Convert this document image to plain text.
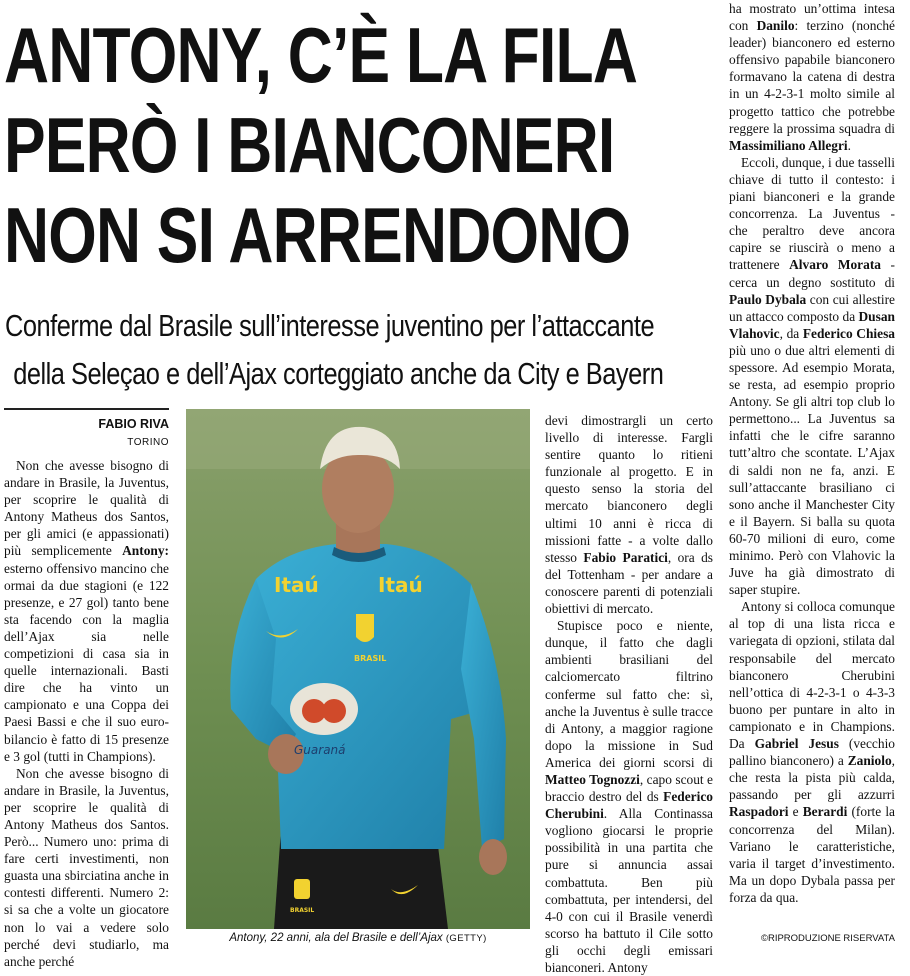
ANTONY, C’È LA FILA
PERÒ I BIANCONERI
NON SI ARRENDONO
Conferme dal Brasile sull’interesse juventino per l’attaccante
della Seleçao e dell’Ajax corteggiato anche da City e Bayern
FABIO RIVA
TORINO

Non che avesse bisogno di andare in Brasile, la Juventus, per scoprire le qualità di Antony Matheus dos Santos, per gli amici (e appassionati) più semplicemente Antony: esterno offensivo mancino che ormai da due stagioni (e 122 presenze, e 27 gol) tanto bene sta facendo con la maglia dell’Ajax sia nelle competizioni di casa sia in quelle internazionali. Basti dire che ha vinto un campionato e una Coppa dei Paesi Bassi e che il suo euro-bilancio è fatto di 15 presenze e 3 gol (tutti in Champions).

Non che avesse bisogno di andare in Brasile, la Juventus, per scoprire le qualità di Antony Matheus dos Santos. Però... Numero uno: prima di fare certi investimenti, non guasta una sbirciatina anche in contesti differenti. Numero 2: si sa che a volte un giocatore non lo vai a vedere solo perché devi studiarlo, ma anche perché

Itaú	Itaú
BRASIL
Guaraná
BRASIL
Antony, 22 anni, ala del Brasile e dell’Ajax (GETTY)

devi dimostrargli un certo livello di interesse. Fargli sentire quanto lo ritieni funzionale al progetto. E in questo senso la storia del mercato bianconero degli ultimi 10 anni è ricca di missioni fatte - a volte dallo stesso Fabio Paratici, ora ds del Tottenham - per andare a conoscere parenti di potenziali obiettivi di mercato.

Stupisce poco e niente, dunque, il fatto che dagli ambienti brasiliani del calciomercato filtrino conferme sul fatto che: sì, anche la Juventus è sulle tracce di Antony, a maggior ragione dopo la missione in Sud America dei giorni scorsi di Matteo Tognozzi, capo scout e braccio destro del ds Federico Cherubini. Alla Continassa vogliono giocarsi le proprie possibilità in una partita che pure si annuncia assai combattuta. Ben più combattuta, per intendersi, del 4-0 con cui il Brasile venerdì scorso ha battuto il Cile sotto gli occhi degli emissari bianconeri. Antony

ha mostrato un’ottima intesa con Danilo: terzino (nonché leader) bianconero ed esterno offensivo papabile bianconero formavano la catena di destra in un 4-2-3-1 molto simile al progetto tattico che potrebbe reggere la prossima squadra di Massimiliano Allegri.

Eccoli, dunque, i due tasselli chiave di tutto il contesto: i piani bianconeri e la grande concorrenza. La Juventus - che peraltro deve ancora capire se riuscirà o meno a trattenere Alvaro Morata - cerca un degno sostituto di Paulo Dybala con cui allestire un attacco composto da Dusan Vlahovic, da Federico Chiesa più uno o due altri elementi di spessore. Ad esempio Morata, se resta, ad esempio proprio Antony. Se gli altri top club lo permettono... La Juventus sa infatti che le cifre saranno tutt’altro che scontate. L’Ajax di saldi non ne fa, anzi. E sull’attaccante brasiliano ci sono anche il Manchester City e il Bayern. Si balla su quota 60-70 milioni di euro, come minimo. Però con Vlahovic la Juve ha già dimostrato di saper stupire.

Antony si colloca comunque al top di una lista ricca e variegata di opzioni, stilata dal responsabile del mercato bianconero Cherubini nell’ottica di 4-2-3-1 o 4-3-3 buono per puntare in alto in campionato e in Champions. Da Gabriel Jesus (vecchio pallino bianconero) a Zaniolo, che resta la pista più calda, passando per gli azzurri Raspadori e Berardi (forte la concorrenza del Milan). Variano le caratteristiche, varia il target d’investimento. Ma un dopo Dybala passa per forza da qua.

©RIPRODUZIONE RISERVATA
